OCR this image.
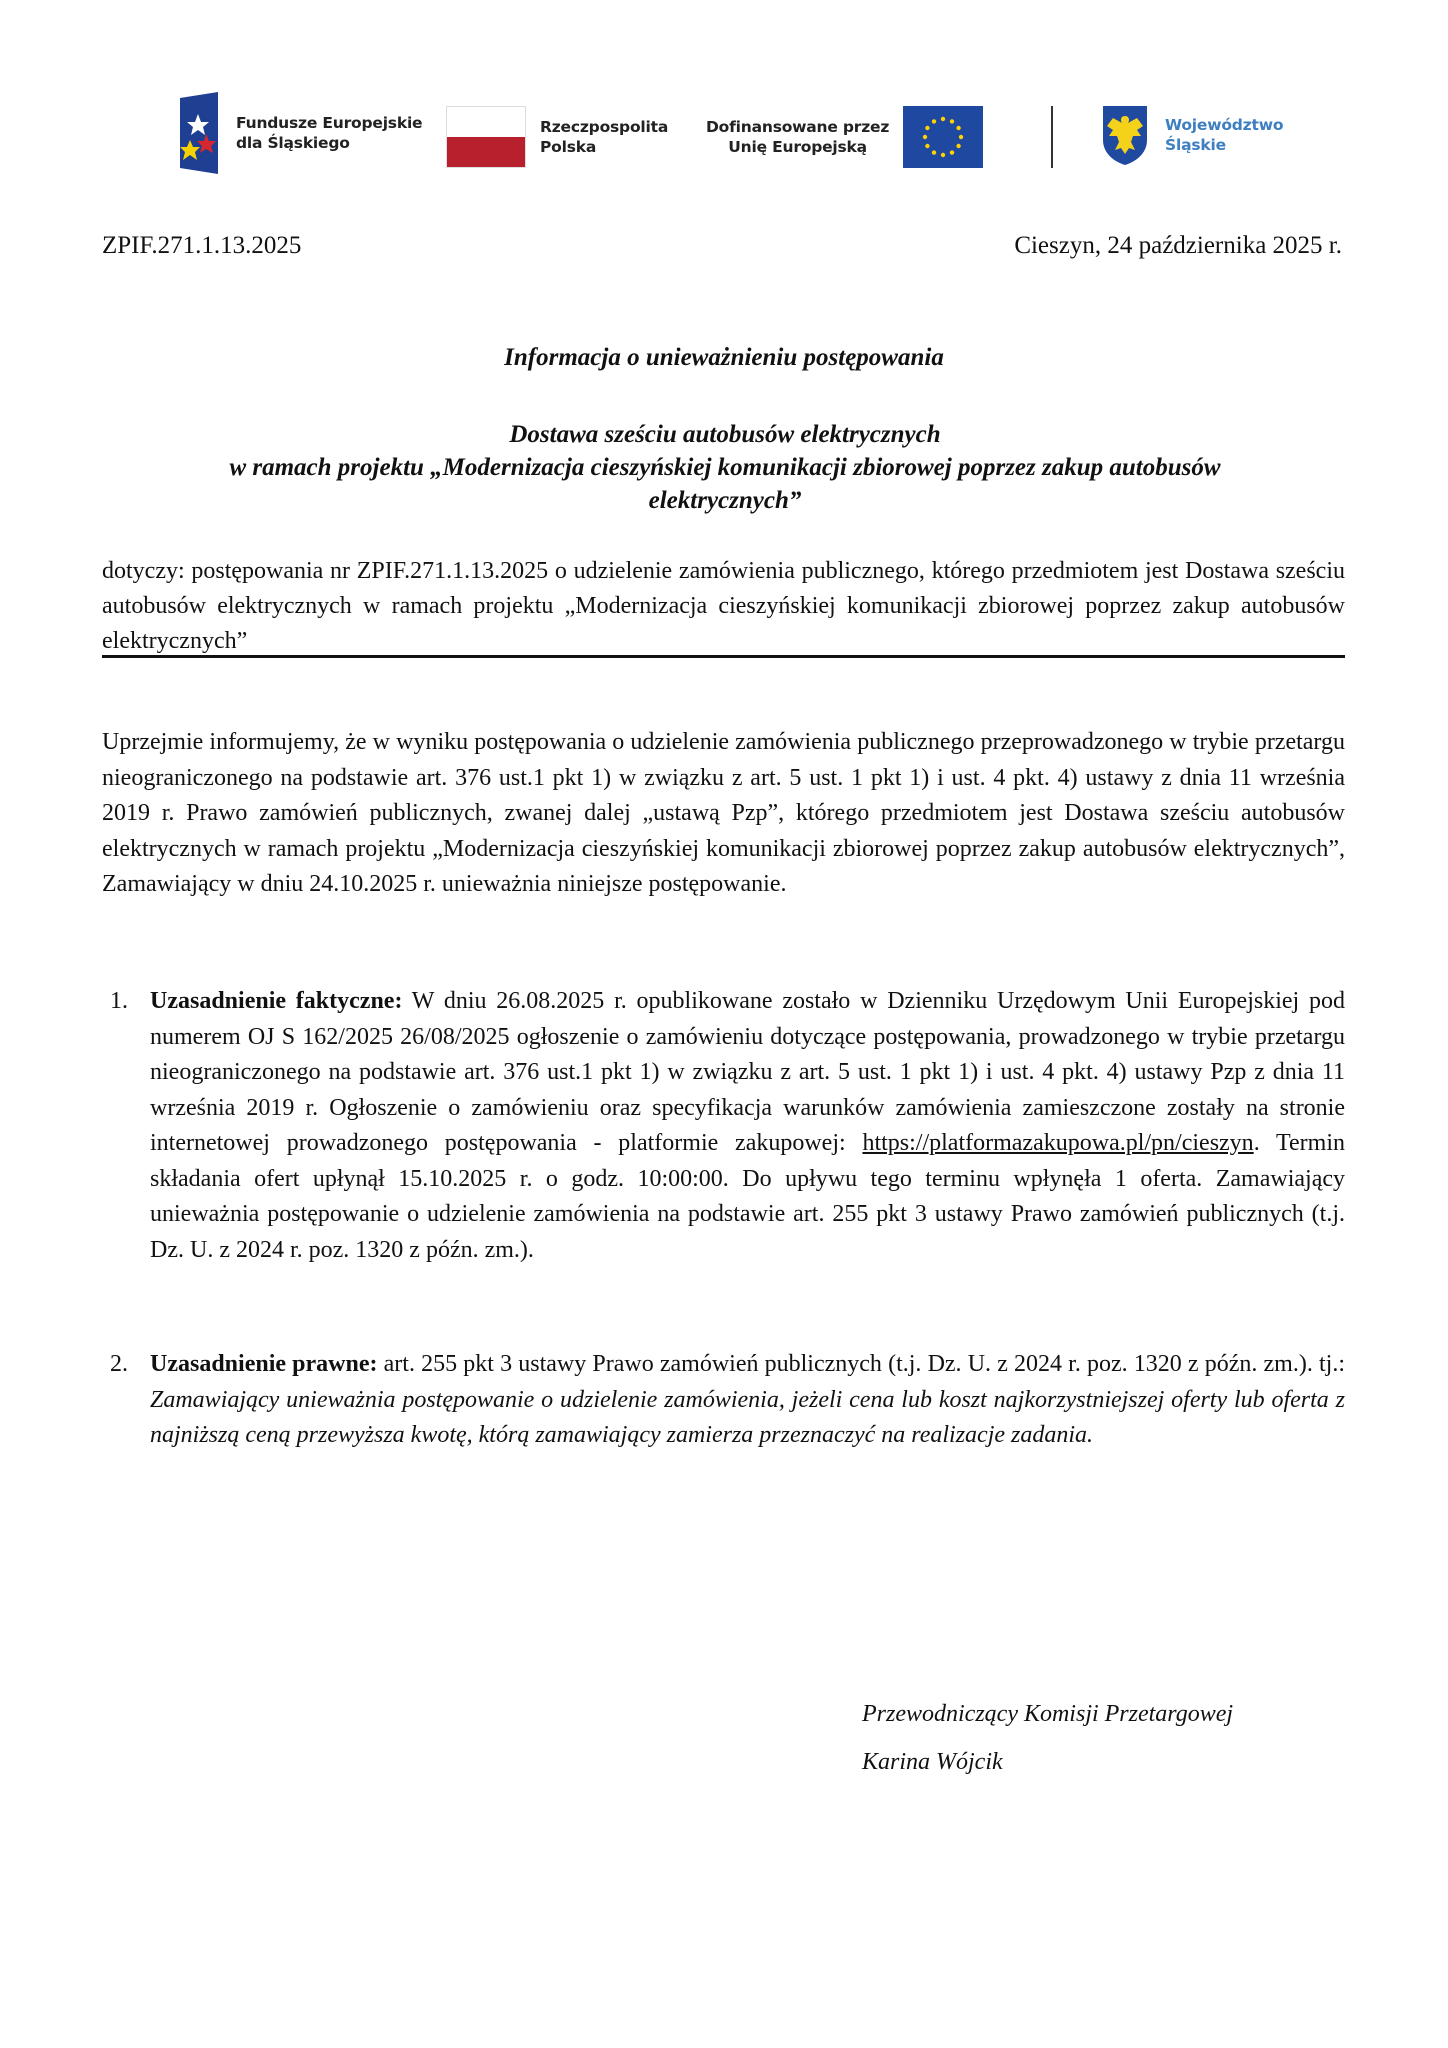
Fundusze Europejskie
dla Śląskiego
Rzeczpospolita
Polska
Dofinansowane przez
Unię Europejską
Województwo
Śląskie
ZPIF.271.1.13.2025	Cieszyn, 24 października 2025 r.
Informacja o unieważnieniu postępowania
Dostawa sześciu autobusów elektrycznych
w ramach projektu „Modernizacja cieszyńskiej komunikacji zbiorowej poprzez zakup autobusów elektrycznych”
dotyczy: postępowania nr ZPIF.271.1.13.2025 o udzielenie zamówienia publicznego, którego przedmiotem jest Dostawa sześciu autobusów elektrycznych w ramach projektu „Modernizacja cieszyńskiej komunikacji zbiorowej poprzez zakup autobusów elektrycznych”
Uprzejmie informujemy, że w wyniku postępowania o udzielenie zamówienia publicznego przeprowadzonego w trybie przetargu nieograniczonego na podstawie art. 376 ust.1 pkt 1) w związku z art. 5 ust. 1 pkt 1) i ust. 4 pkt. 4) ustawy z dnia 11 września 2019 r. Prawo zamówień publicznych, zwanej dalej „ustawą Pzp”, którego przedmiotem jest Dostawa sześciu autobusów elektrycznych w ramach projektu „Modernizacja cieszyńskiej komunikacji zbiorowej poprzez zakup autobusów elektrycznych”, Zamawiający w dniu 24.10.2025 r. unieważnia niniejsze postępowanie.
1. Uzasadnienie faktyczne: W dniu 26.08.2025 r. opublikowane zostało w Dzienniku Urzędowym Unii Europejskiej pod numerem OJ S 162/2025 26/08/2025 ogłoszenie o zamówieniu dotyczące postępowania, prowadzonego w trybie przetargu nieograniczonego na podstawie art. 376 ust.1 pkt 1) w związku z art. 5 ust. 1 pkt 1) i ust. 4 pkt. 4) ustawy Pzp z dnia 11 września 2019 r. Ogłoszenie o zamówieniu oraz specyfikacja warunków zamówienia zamieszczone zostały na stronie internetowej prowadzonego postępowania - platformie zakupowej: https://platformazakupowa.pl/pn/cieszyn. Termin składania ofert upłynął 15.10.2025 r. o godz. 10:00:00. Do upływu tego terminu wpłynęła 1 oferta. Zamawiający unieważnia postępowanie o udzielenie zamówienia na podstawie art. 255 pkt 3 ustawy Prawo zamówień publicznych (t.j. Dz. U. z 2024 r. poz. 1320 z późn. zm.).
2. Uzasadnienie prawne: art. 255 pkt 3 ustawy Prawo zamówień publicznych (t.j. Dz. U. z 2024 r. poz. 1320 z późn. zm.). tj.: Zamawiający unieważnia postępowanie o udzielenie zamówienia, jeżeli cena lub koszt najkorzystniejszej oferty lub oferta z najniższą ceną przewyższa kwotę, którą zamawiający zamierza przeznaczyć na realizacje zadania.
Przewodniczący Komisji Przetargowej
Karina Wójcik
